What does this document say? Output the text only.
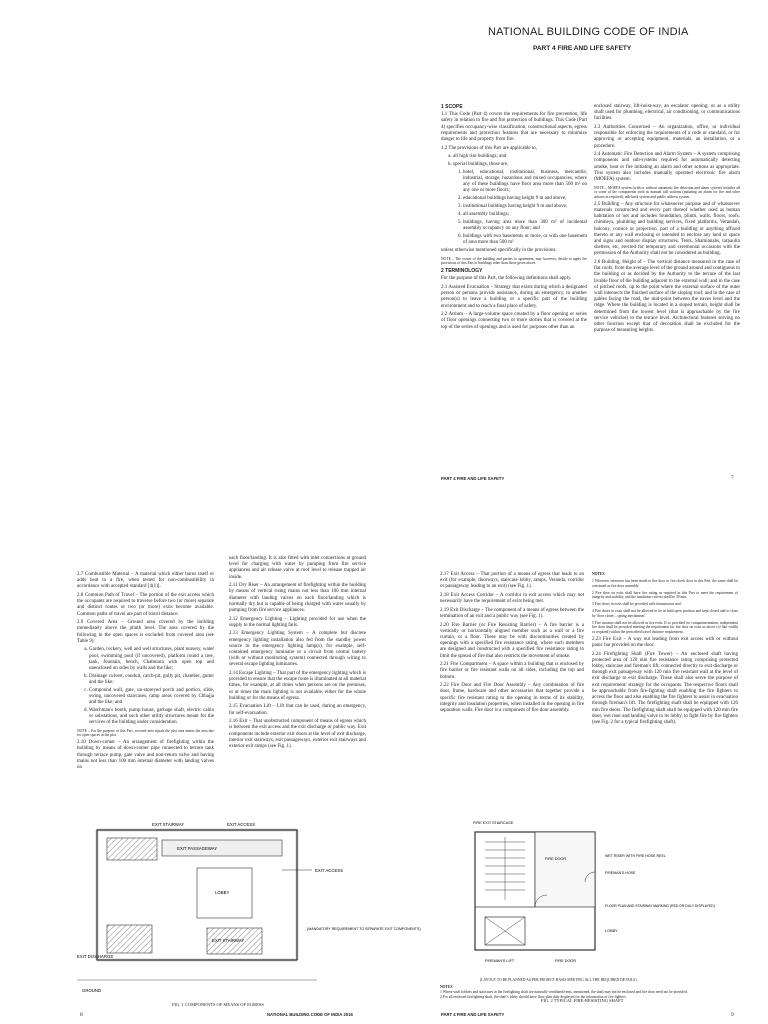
NATIONAL BUILDING CODE OF INDIA
PART 4 FIRE AND LIFE SAFETY

1 SCOPE

1.1 This Code (Part 4) covers the requirements for fire prevention, life safety in relation to fire and fire protection of buildings. This Code (Part 4) specifies occupancy-wise classification, constructional aspects, egress requirements and protection features that are necessary to minimize danger to life and property from fire.

1.2 The provisions of this Part are applicable to,

a. all high rise buildings; and
b. special buildings, those are,
1. hotel, educational, institutional, business, mercantile, industrial, storage, hazardous and mixed occupancies, where any of these buildings have floor area more than 500 m² on any one or more floors;
2. educational buildings having height 9 m and above;
3. institutional buildings having height 9 m and above;
4. all assembly buildings;
5. buildings, having area more than 300 m² of incidental assembly occupancy on any floor; and
6. buildings with two basements or more, or with one basement of area more than 500 m²

unless otherwise mentioned specifically in the provisions.

NOTE – The owner of the building and parties to agreement, may however, decide to apply the provisions of this Part to buildings other than those given above.

2 TERMINOLOGY

For the purpose of this Part, the following definitions shall apply.

2.1 Assisted Evacuation – Strategy that exists during which a designated person or persons provide assistance, during an emergency, to another person(s) to leave a building or a specific part of the building environment and to reach a final place of safety.

2.2 Atrium – A large-volume space created by a floor opening or series of floor openings connecting two or more stories that is covered at the top of the series of openings and is used for purposes other than an

enclosed stairway, lift-hoist-way, an escalator opening; or as a utility shaft used for plumbing, electrical, air conditioning, or communications facilities.

2.3 Authorities Concerned – An organization, office, or individual responsible for enforcing the requirements of a code or standard, or for approving or accepting equipment, materials, an installation, or a procedure.

2.4 Automatic Fire Detection and Alarm System – A system comprising components and sub-systems required for automatically detecting smoke, heat or fire initiating an alarm and other actions as appropriate. This system also includes manually operated electronic fire alarm (MOEFA) system.

NOTE – MOEFA system (with or without automatic fire detection and alarm system) includes all or some of the components such as manual call stations (initiating an alarm for fire and other actions as required), talk-back system and public address system.

2.5 Building – Any structure for whatsoever purpose and of whatsoever materials constructed and every part thereof whether used as human habitation or not and includes foundation, plinth, walls, floors, roofs, chimneys, plumbing and building services, fixed platforms, Verandah, balcony, cornice or projection, part of a building or anything affixed thereto or any wall enclosing or intended to enclose any land or space and signs and outdoor display structures. Tents, Shamianahs, tarpaulin shelters, etc, erected for temporary and ceremonial occasions with the permission of the Authority shall not be considered as building.

2.6 Building, Height of – The vertical distance measured in the case of flat roofs, from the average level of the ground around and contiguous to the building or as decided by the Authority to the terrace of the last livable floor of the building adjacent to the external wall; and in the case of pitched roofs, up to the point where the external surface of the outer wall intersects the finished surface of the sloping roof; and in the case of gables facing the road, the mid-point between the eaves level and the ridge. Where the building is located in a sloped terrain, height shall be determined from the lowest level (that is approachable by the fire service vehicles) to the terrace level. Architectural features serving no other function except that of decoration shall be excluded for the purpose of measuring heights.

PART 4 FIRE AND LIFE SAFETY	7

2.7 Combustible Material – A material which either burns itself or adds heat to a fire, when tested for non-combustibility in accordance with accepted standard [4(1)].

2.8 Common Path of Travel – The portion of the exit access which the occupants are required to traverse before two (or more) separate and distinct routes or two (or more) exits become available. Common paths of travel are part of travel distance.

2.9 Covered Area – Ground area covered by the building immediately above the plinth level. The area covered by the following in the open spaces is excluded from covered area (see Table 9):

a. Garden, rockery, well and well structures, plant nursery, water pool, swimming pool (if uncovered), platform round a tree, tank, fountain, bench, Chabutara with open top and unenclosed on sides by walls and the like;
b. Drainage culvert, conduit, catch-pit, gully pit, chamber, gutter and the like;
c. Compound wall, gate, un-storeyed porch and portico, slide, swing, uncovered staircases, ramp areas covered by Chhajja and the like; and
d. Watchman's booth, pump house, garbage shaft, electric cabin or substations, and such other utility structures meant for the services of the building under consideration.

NOTE – For the purpose of this Part, covered area equals the plot area minus the area due for open spaces in the plot.

2.10 Down-comer – An arrangement of firefighting within the building by means of down-comer pipe connected to terrace tank through terrace pump, gate valve and non-return valve and having mains not less than 100 mm internal diameter with landing valves on

each floor/landing. It is also fitted with inlet connections at ground level for charging with water by pumping from fire service appliances and air release valve at roof level to release trapped air inside.

2.11 Dry Riser – An arrangement of firefighting within the building by means of vertical rising mains not less than 100 mm internal diameter with landing valves on each floor/landing which is normally dry but is capable of being charged with water usually by pumping from fire service appliances.

2.12 Emergency Lighting – Lighting provided for use when the supply to the normal lighting fails.

2.13 Emergency Lighting System – A complete but discrete emergency lighting installation also fed from the standby power source to the emergency lighting lamp(s), for example, self-contained emergency luminaire or a circuit from central battery (with or without monitoring system) connected through wiring to several escape lighting luminaries.

2.14 Escape Lighting – That part of the emergency lighting which is provided to ensure that the escape route is illuminated at all material times, for example, at all times when persons are on the premises, or at times the main lighting is not available, either for the whole building or for the means of egress.

2.15 Evacuation Lift – Lift that can be used, during an emergency, for self-evacuation.

2.16 Exit – That unobstructed component of means of egress which is between the exit access and the exit discharge or public way. Exit components include exterior exit doors at the level of exit discharge, interior exit stairways, exit passageways, exterior exit stairways and exterior exit ramps (see Fig. 1).

2.17 Exit Access – That portion of a means of egress that leads to an exit (for example, doorways, staircase lobby, ramps, Veranda, corridor or passageway leading to an exit) (see Fig. 1).

2.18 Exit Access Corridor – A corridor in exit access which may not necessarily have the requirement of exits being met.

2.19 Exit Discharge – The component of a means of egress between the termination of an exit and a public way (see Fig. 1).

2.20 Fire Barrier (or Fire Resisting Barrier) – A fire barrier is a vertically or horizontally aligned member such as a wall or a fire curtain, or a floor. These may be with discontinuities created by openings with a specified fire resistance rating, where such members are designed and constructed with a specified fire resistance rating to limit the spread of fire that also restricts the movement of smoke.

2.21 Fire Compartment – A space within a building that is enclosed by fire barrier or fire resistant walls on all sides, including the top and bottom.

2.22 Fire Door and Fire Door Assembly – Any combination of fire door, frame, hardware and other accessories that together provide a specific fire resistant rating to the opening in terms of its stability, integrity and insulation properties, when installed in the opening in fire separation walls. Fire door is a component of fire door assembly.

NOTES

1 Wherever reference has been made to fire door or fire check door in this Part, the same shall be construed as fire door assembly.

2 Fire door on exits shall have fire rating as required in this Part to meet the requirement of integrity and stability, and the insulation criteria shall be 30 min.

3 Fire doors in exits shall be provided with intumescent seal.

4 Fire doors in exits shall not be allowed to be in hold open position and kept closed and to close by 'door closer – spring mechanism'.

5 Fire curtains shall not be allowed as fire exits. If so provided for compartmentation, independent fire door shall be provided meeting the requirement for fire door on exits as above (of like width) or required) within the prescribed travel distance requirement.

2.23 Fire Exit – A way out leading from exit access with or without panic bar provided on the door.

2.24 Firefighting Shaft (Fire Tower) – An enclosed shaft having protected area of 120 min fire resistance rating comprising protected lobby, staircase and fireman's lift, connected directly to exit discharge or through exit passageway with 120 min fire resistant wall at the level of exit discharge to exit discharge. These shall also serve the purpose of exit requirement/ strategy for the occupants. The respective floors shall be approachable from fire-fighting shaft enabling the fire fighters to access the floor and also enabling the fire fighters to assist in evacuation through fireman's lift. The firefighting shaft shall be equipped with 120 min fire doors. The firefighting shaft shall be equipped with 120 min fire door, wet riser and landing valve in its lobby, to fight fire by fire fighters (see Fig. 2 for a typical firefighting shaft).

EXIT STAIRWAY	EXIT ACCESS
EXIT PASSAGEWAY
LOBBY
EXIT STAIRWAY
EXIT DISCHARGE
EXIT ACCESS
GROUND
(MANDATORY REQUIREMENT TO SEPARATE EXIT COMPONENTS)
FIG. 1 COMPONENTS OF MEANS OF EGRESS
FIRE EXIT STAIRCASE
FIRE DOOR
WET RISER WITH FIRE HOSE REEL
FIREMAN'S HOSE
FLOOR PLAN AND STAIRWAY MARKING (RED OR DULY DISPLAYED)
LOBBY
FIREMAN'S LIFT	FIRE DOOR

(LAYOUT TO BE PLANNED AS PER PROJECT BASIS MEETING ALL THE REQUIRED DETAILS)

NOTES

1 Where such lobbies and staircases in the firefighting shaft are naturally ventilated/vents, mentioned, the shaft may not be enclosed and fire door need not be provided.

2 For all enclosed firefighting shaft, the shaft's lobby should have floor plan duly displayed for the information of fire fighters.

FIG. 2 TYPICAL FIRE-RESISTING SHAFT
8	NATIONAL BUILDING CODE OF INDIA 2016	PART 4 FIRE AND LIFE SAFETY	9
